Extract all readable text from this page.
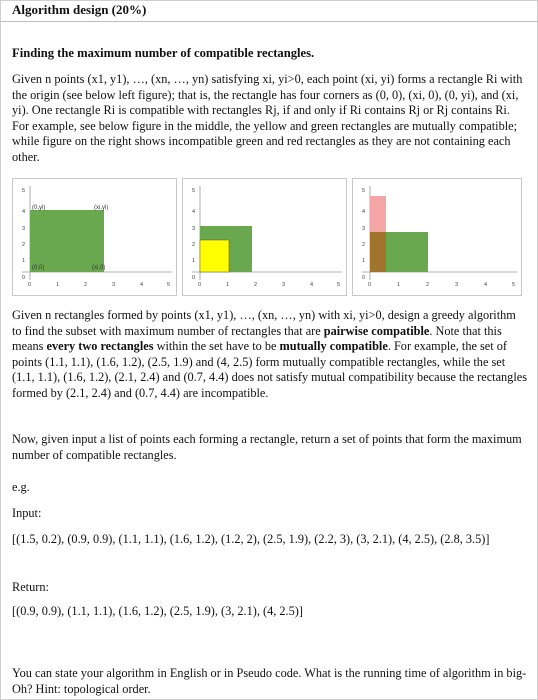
Algorithm design (20%)

Finding the maximum number of compatible rectangles.

Given n points (x1, y1), …, (xn, …, yn) satisfying xi, yi>0, each point (xi, yi) forms a rectangle Ri with the origin (see below left figure); that is, the rectangle has four corners as (0, 0), (xi, 0), (0, yi), and (xi, yi). One rectangle Ri is compatible with rectangles Rj, if and only if Ri contains Rj or Rj contains Ri. For example, see below figure in the middle, the yellow and green rectangles are mutually compatible; while figure on the right shows incompatible green and red rectangles as they are not containing each other.

5
4
3
2
1
0
0	1	2	3	4	5
(0,yi)	(xi,yi)
(0,0)	(xi,0)
5
4
3
2
1
0
0	1	2	3	4	5
5
4
3
2
1
0
0	1	2	3	4	5

Given n rectangles formed by points (x1, y1), …, (xn, …, yn) with xi, yi>0, design a greedy algorithm to find the subset with maximum number of rectangles that are pairwise compatible. Note that this means every two rectangles within the set have to be mutually compatible. For example, the set of points (1.1, 1.1), (1.6, 1.2), (2.5, 1.9) and (4, 2.5) form mutually compatible rectangles, while the set (1.1, 1.1), (1.6, 1.2), (2.1, 2.4) and (0.7, 4.4) does not satisfy mutual compatibility because the rectangles formed by (2.1, 2.4) and (0.7, 4.4) are incompatible.

Now, given input a list of points each forming a rectangle, return a set of points that form the maximum number of compatible rectangles.

e.g.

Input:

[(1.5, 0.2), (0.9, 0.9), (1.1, 1.1), (1.6, 1.2), (1.2, 2), (2.5, 1.9), (2.2, 3), (3, 2.1), (4, 2.5), (2.8, 3.5)]

Return:

[(0.9, 0.9), (1.1, 1.1), (1.6, 1.2), (2.5, 1.9), (3, 2.1), (4, 2.5)]

You can state your algorithm in English or in Pseudo code. What is the running time of algorithm in big-Oh? Hint: topological order.
